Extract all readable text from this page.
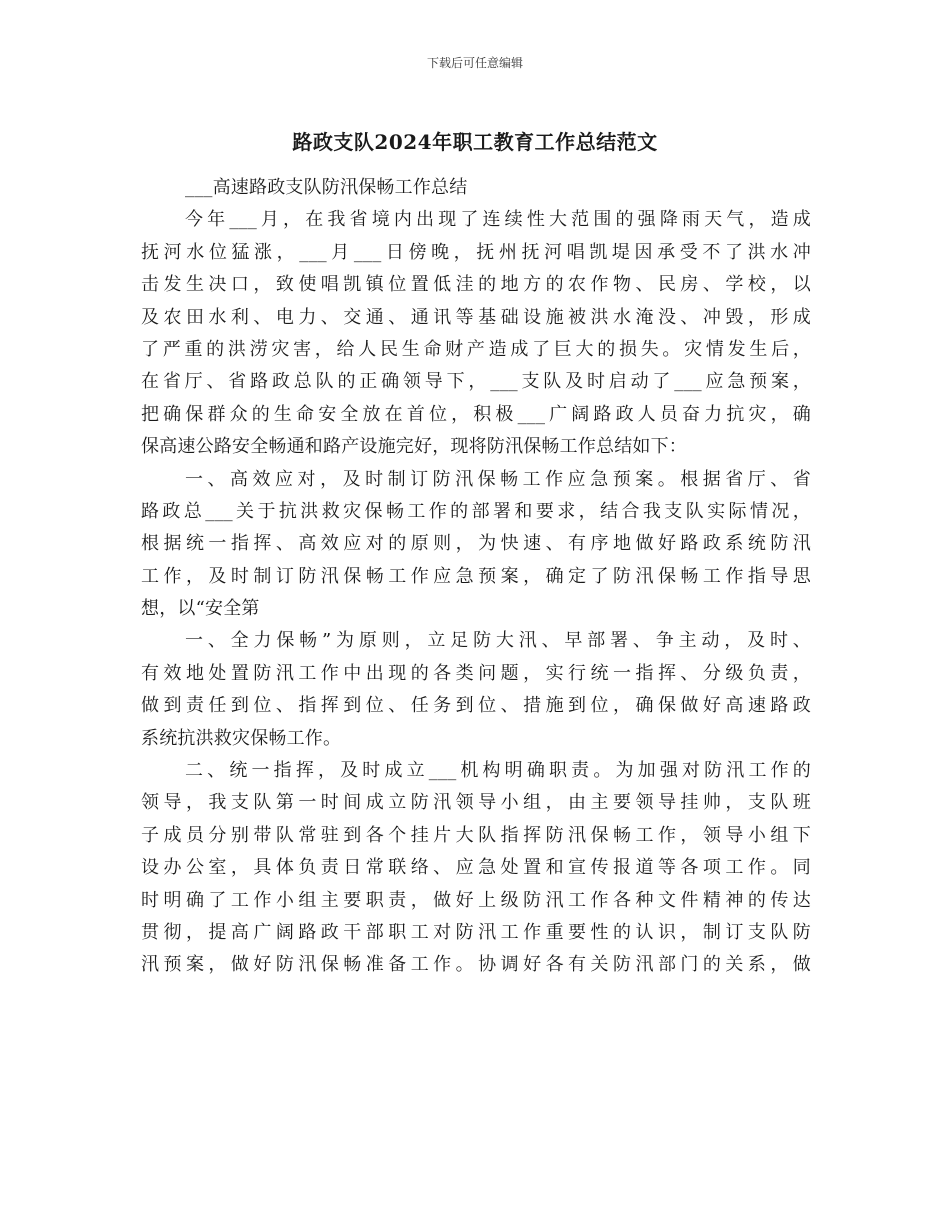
下载后可任意编辑
路政支队2024年职工教育工作总结范文
___高速路政支队防汛保畅工作总结
今年___月，在我省境内出现了连续性大范围的强降雨天气，造成
抚河水位猛涨，___月___日傍晚，抚州抚河唱凯堤因承受不了洪水冲
击发生决口，致使唱凯镇位置低洼的地方的农作物、民房、学校，以
及农田水利、电力、交通、通讯等基础设施被洪水淹没、冲毁，形成
了严重的洪涝灾害，给人民生命财产造成了巨大的损失。灾情发生后，
在省厅、省路政总队的正确领导下，___支队及时启动了___应急预案，
把确保群众的生命安全放在首位，积极___广阔路政人员奋力抗灾，确
保高速公路安全畅通和路产设施完好，现将防汛保畅工作总结如下：
一、高效应对，及时制订防汛保畅工作应急预案。根据省厅、省
路政总___关于抗洪救灾保畅工作的部署和要求，结合我支队实际情况，
根据统一指挥、高效应对的原则，为快速、有序地做好路政系统防汛
工作，及时制订防汛保畅工作应急预案，确定了防汛保畅工作指导思
想，以“安全第
一、全力保畅”为原则，立足防大汛、早部署、争主动，及时、
有效地处置防汛工作中出现的各类问题，实行统一指挥、分级负责，
做到责任到位、指挥到位、任务到位、措施到位，确保做好高速路政
系统抗洪救灾保畅工作。
二、统一指挥，及时成立___机构明确职责。为加强对防汛工作的
领导，我支队第一时间成立防汛领导小组，由主要领导挂帅，支队班
子成员分别带队常驻到各个挂片大队指挥防汛保畅工作，领导小组下
设办公室，具体负责日常联络、应急处置和宣传报道等各项工作。同
时明确了工作小组主要职责，做好上级防汛工作各种文件精神的传达
贯彻，提高广阔路政干部职工对防汛工作重要性的认识，制订支队防
汛预案，做好防汛保畅准备工作。协调好各有关防汛部门的关系，做
